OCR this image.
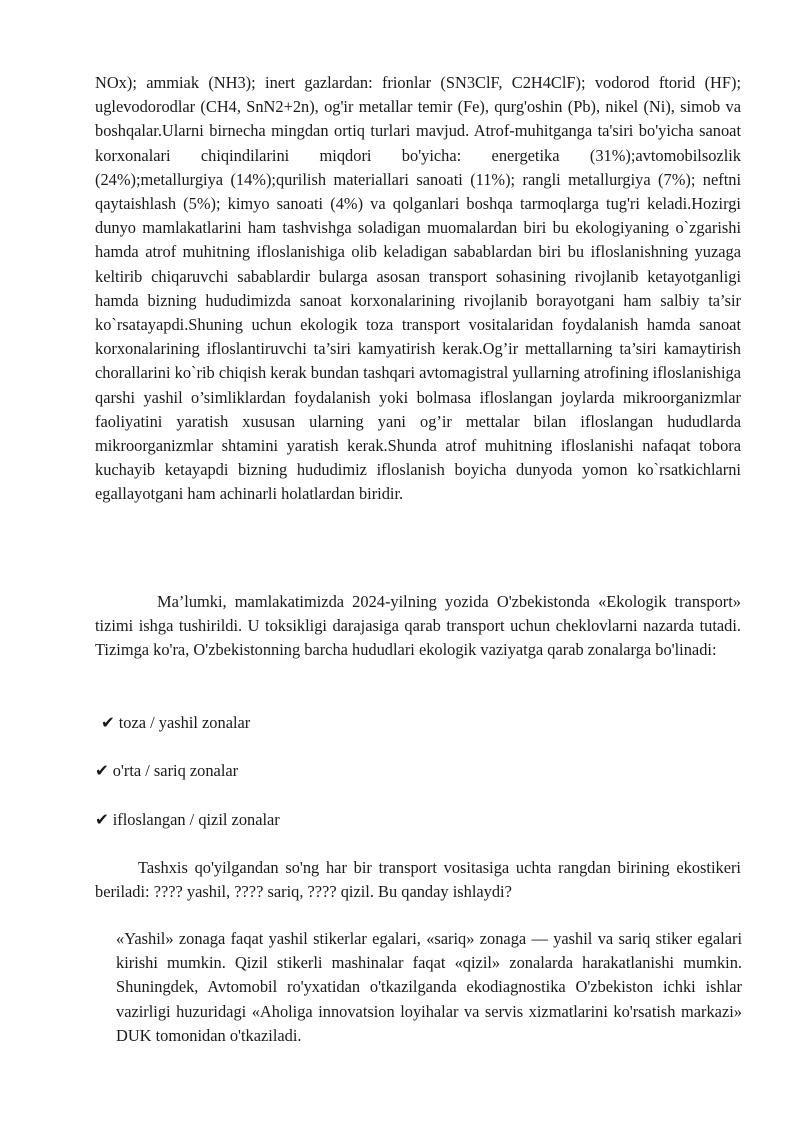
NOx); ammiak (NH3); inert gazlardan: frionlar (SN3ClF, C2H4ClF); vodorod ftorid (HF); uglevodorodlar (CH4, SnN2+2n), og'ir metallar temir (Fe), qurg'oshin (Pb), nikel (Ni), simob va boshqalar.Ularni birnecha mingdan ortiq turlari mavjud. Atrof-muhitganga ta'siri bo'yicha sanoat korxonalari chiqindilarini miqdori bo'yicha: energetika (31%);avtomobilsozlik (24%);metallurgiya (14%);qurilish materiallari sanoati (11%); rangli metallurgiya (7%); neftni qaytaishlash (5%); kimyo sanoati (4%) va qolganlari boshqa tarmoqlarga tug'ri keladi.Hozirgi dunyo mamlakatlarini ham tashvishga soladigan muomalardan biri bu ekologiyaning o`zgarishi hamda atrof muhitning ifloslanishiga olib keladigan sabablardan biri bu ifloslanishning yuzaga keltirib chiqaruvchi sabablardir bularga asosan transport sohasining rivojlanib ketayotganligi hamda bizning hududimizda sanoat korxonalarining rivojlanib borayotgani ham salbiy ta’sir ko`rsatayapdi.Shuning uchun ekologik toza transport vositalaridan foydalanish hamda sanoat korxonalarining ifloslantiruvchi ta’siri kamyatirish kerak.Og’ir mettallarning ta’siri kamaytirish chorallarini ko`rib chiqish kerak bundan tashqari avtomagistral yullarning atrofining ifloslanishiga qarshi yashil o’simliklardan foydalanish yoki bolmasa ifloslangan joylarda mikroorganizmlar faoliyatini yaratish xususan ularning yani og’ir mettalar bilan ifloslangan hududlarda mikroorganizmlar shtamini yaratish kerak.Shunda atrof muhitning ifloslanishi nafaqat tobora kuchayib ketayapdi bizning hududimiz ifloslanish boyicha dunyoda yomon ko`rsatkichlarni egallayotgani ham achinarli holatlardan biridir.

Ma’lumki, mamlakatimizda 2024-yilning yozida O'zbekistonda «Ekologik transport» tizimi ishga tushirildi. U toksikligi darajasiga qarab transport uchun cheklovlarni nazarda tutadi. Tizimga ko'ra, O'zbekistonning barcha hududlari ekologik vaziyatga qarab zonalarga bo'linadi:

✔ toza / yashil zonalar

✔ o'rta / sariq zonalar

✔ ifloslangan / qizil zonalar

Tashxis qo'yilgandan so'ng har bir transport vositasiga uchta rangdan birining ekostikeri beriladi: ???? yashil, ???? sariq, ???? qizil. Bu qanday ishlaydi?

«Yashil» zonaga faqat yashil stikerlar egalari, «sariq» zonaga — yashil va sariq stiker egalari kirishi mumkin. Qizil stikerli mashinalar faqat «qizil» zonalarda harakatlanishi mumkin. Shuningdek, Avtomobil ro'yxatidan o'tkazilganda ekodiagnostika O'zbekiston ichki ishlar vazirligi huzuridagi «Aholiga innovatsion loyihalar va servis xizmatlarini ko'rsatish markazi» DUK tomonidan o'tkaziladi.
